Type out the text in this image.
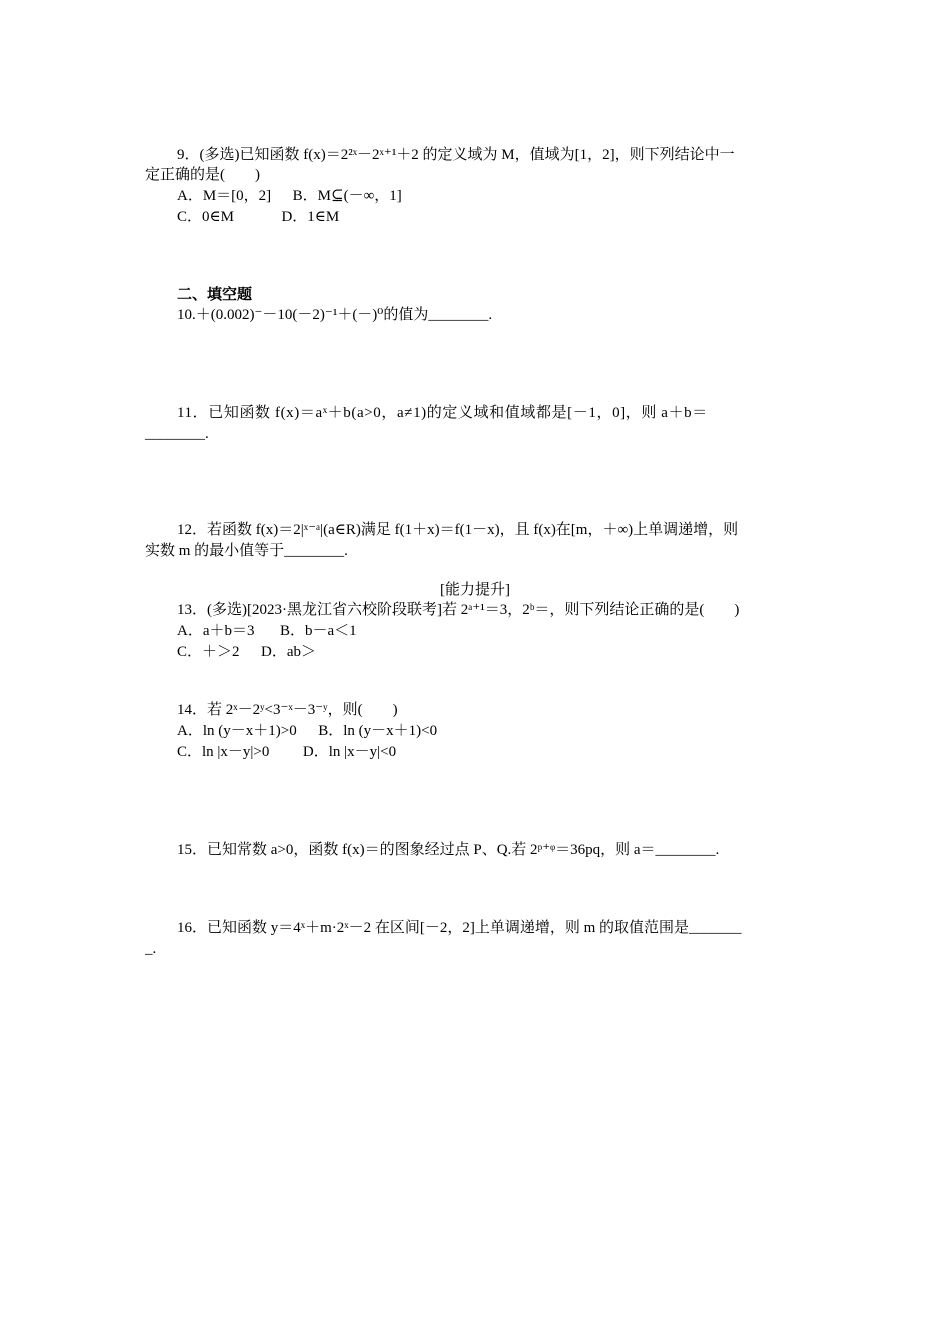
9．(多选)已知函数 f(x)＝2²ˣ－2ˣ⁺¹＋2 的定义域为 M，值域为[1，2]，则下列结论中一
定正确的是(　　)
A．M＝[0，2] B．M⊆(－∞，1]
C．0∈M	D．1∈M
二、填空题
10.＋(0.002)⁻－10(－2)⁻¹＋(－)⁰的值为________.
11．已知函数 f(x)＝aˣ＋b(a>0，a≠1)的定义域和值域都是[－1，0]，则 a＋b＝
________.
12．若函数 f(x)＝2|ˣ⁻ᵃ|(a∈R)满足 f(1＋x)＝f(1－x)，且 f(x)在[m，＋∞)上单调递增，则
实数 m 的最小值等于________.
[能力提升]
13．(多选)[2023·黑龙江省六校阶段联考]若 2ᵃ⁺¹＝3，2ᵇ＝，则下列结论正确的是(　　)
A．a＋b＝3 B．b－a＜1
C．＋＞2 D．ab＞
14．若 2ˣ－2ʸ<3⁻ˣ－3⁻ʸ，则(　　)
A．ln (y－x＋1)>0 B．ln (y－x＋1)<0
C．ln |x－y|>0 D．ln |x－y|<0
15．已知常数 a>0，函数 f(x)＝的图象经过点 P、Q.若 2ᵖ⁺ᵠ＝36pq，则 a＝________.
16．已知函数 y＝4ˣ＋m·2ˣ－2 在区间[－2，2]上单调递增，则 m 的取值范围是_______
_.
